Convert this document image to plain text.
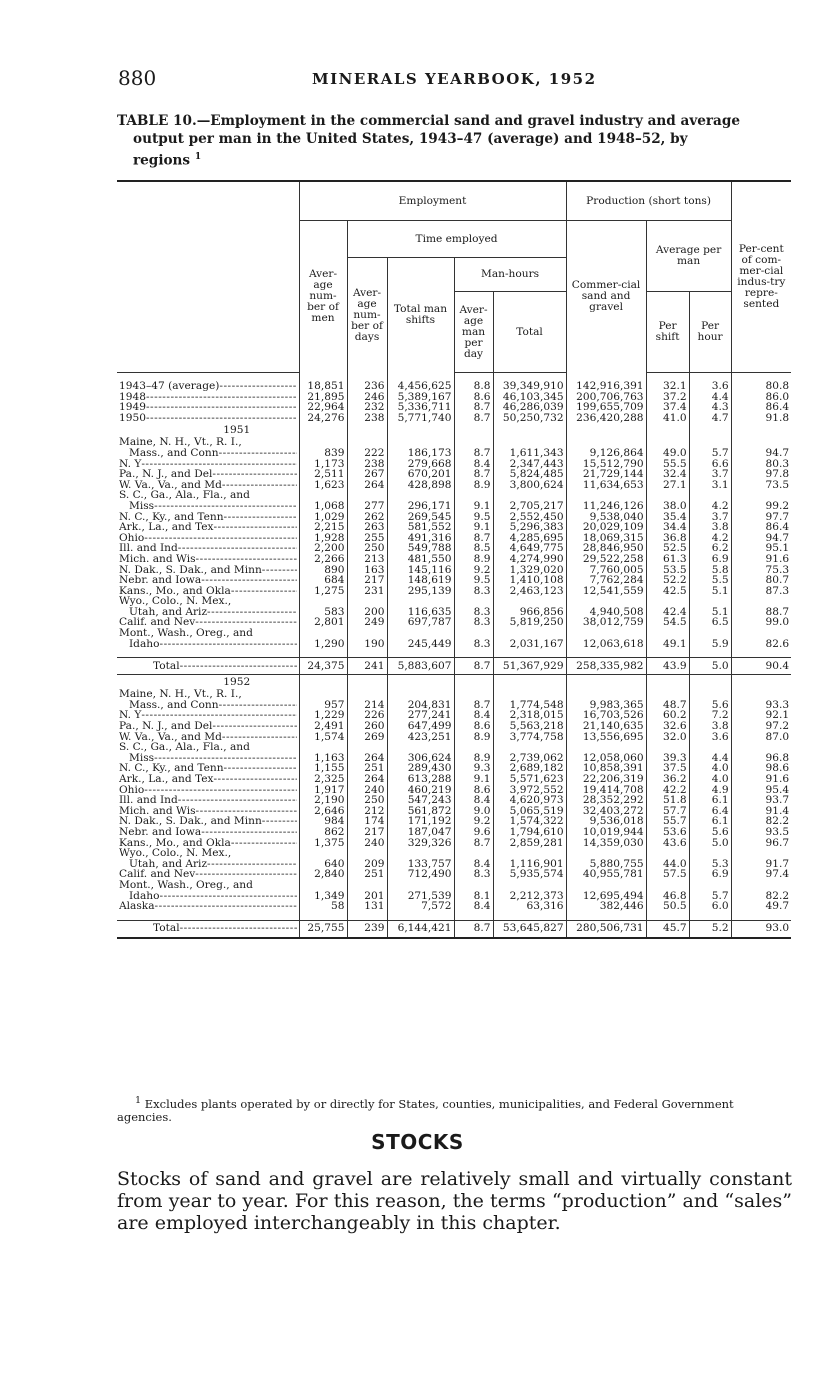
880	MINERALS YEARBOOK, 1952
TABLE 10.—Employment in the commercial sand and gravel industry and average
output per man in the United States, 1943–47 (average) and 1948–52, by
regions $^1$
	Employment					Production (short tons)			Per-cent of com-mer-cial indus-try repre-sented
	Aver-age num-ber of men	Time employed				Commer-cial sand and gravel	Average per man		
		Aver-age num-ber of days	Total man shifts	Man-hours					
				Aver-age man per day	Total		Per shift	Per hour	

1943–47 (average) -----	18,851	236	4,456,625	8.8	39,349,910	142,916,391	32.1	3.6	80.8

1948 -----	21,895	246	5,389,167	8.6	46,103,345	200,706,763	37.2	4.4	86.0

1949 -----	22,964	232	5,336,711	8.7	46,286,039	199,655,709	37.4	4.3	86.4

1950 -----	24,276	238	5,771,740	8.7	50,250,732	236,420,288	41.0	4.7	91.8
1951									

Maine, N. H., Vt., R. I.,									

Mass., and Conn -----	839	222	186,173	8.7	1,611,343	9,126,864	49.0	5.7	94.7

N. Y -----	1,173	238	279,668	8.4	2,347,443	15,512,790	55.5	6.6	80.3

Pa., N. J., and Del -----	2,511	267	670,201	8.7	5,824,485	21,729,144	32.4	3.7	97.8

W. Va., Va., and Md -----	1,623	264	428,898	8.9	3,800,624	11,634,653	27.1	3.1	73.5

S. C., Ga., Ala., Fla., and									

Miss -----	1,068	277	296,171	9.1	2,705,217	11,246,126	38.0	4.2	99.2

N. C., Ky., and Tenn -----	1,029	262	269,545	9.5	2,552,450	9,538,040	35.4	3.7	97.7

Ark., La., and Tex -----	2,215	263	581,552	9.1	5,296,383	20,029,109	34.4	3.8	86.4

Ohio -----	1,928	255	491,316	8.7	4,285,695	18,069,315	36.8	4.2	94.7

Ill. and Ind -----	2,200	250	549,788	8.5	4,649,775	28,846,950	52.5	6.2	95.1

Mich. and Wis -----	2,266	213	481,550	8.9	4,274,990	29,522,258	61.3	6.9	91.6

N. Dak., S. Dak., and Minn -----	890	163	145,116	9.2	1,329,020	7,760,005	53.5	5.8	75.3

Nebr. and Iowa -----	684	217	148,619	9.5	1,410,108	7,762,284	52.2	5.5	80.7

Kans., Mo., and Okla -----	1,275	231	295,139	8.3	2,463,123	12,541,559	42.5	5.1	87.3

Wyo., Colo., N. Mex.,									

Utah, and Ariz -----	583	200	116,635	8.3	966,856	4,940,508	42.4	5.1	88.7

Calif. and Nev -----	2,801	249	697,787	8.3	5,819,250	38,012,759	54.5	6.5	99.0

Mont., Wash., Oreg., and									

Idaho -----	1,290	190	245,449	8.3	2,031,167	12,063,618	49.1	5.9	82.6

Total -----	24,375	241	5,883,607	8.7	51,367,929	258,335,982	43.9	5.0	90.4
1952									

Maine, N. H., Vt., R. I.,									

Mass., and Conn -----	957	214	204,831	8.7	1,774,548	9,983,365	48.7	5.6	93.3

N. Y -----	1,229	226	277,241	8.4	2,318,015	16,703,526	60.2	7.2	92.1

Pa., N. J., and Del -----	2,491	260	647,499	8.6	5,563,218	21,140,635	32.6	3.8	97.2

W. Va., Va., and Md -----	1,574	269	423,251	8.9	3,774,758	13,556,695	32.0	3.6	87.0

S. C., Ga., Ala., Fla., and									

Miss -----	1,163	264	306,624	8.9	2,739,062	12,058,060	39.3	4.4	96.8

N. C., Ky., and Tenn -----	1,155	251	289,430	9.3	2,689,182	10,858,391	37.5	4.0	98.6

Ark., La., and Tex -----	2,325	264	613,288	9.1	5,571,623	22,206,319	36.2	4.0	91.6

Ohio -----	1,917	240	460,219	8.6	3,972,552	19,414,708	42.2	4.9	95.4

Ill. and Ind -----	2,190	250	547,243	8.4	4,620,973	28,352,292	51.8	6.1	93.7

Mich. and Wis -----	2,646	212	561,872	9.0	5,065,519	32,403,272	57.7	6.4	91.4

N. Dak., S. Dak., and Minn -----	984	174	171,192	9.2	1,574,322	9,536,018	55.7	6.1	82.2

Nebr. and Iowa -----	862	217	187,047	9.6	1,794,610	10,019,944	53.6	5.6	93.5

Kans., Mo., and Okla -----	1,375	240	329,326	8.7	2,859,281	14,359,030	43.6	5.0	96.7

Wyo., Colo., N. Mex.,									

Utah, and Ariz -----	640	209	133,757	8.4	1,116,901	5,880,755	44.0	5.3	91.7

Calif. and Nev -----	2,840	251	712,490	8.3	5,935,574	40,955,781	57.5	6.9	97.4

Mont., Wash., Oreg., and									

Idaho -----	1,349	201	271,539	8.1	2,212,373	12,695,494	46.8	5.7	82.2

Alaska -----	58	131	7,572	8.4	63,316	382,446	50.5	6.0	49.7

Total -----	25,755	239	6,144,421	8.7	53,645,827	280,506,731	45.7	5.2	93.0
$^1$ Excludes plants operated by or directly for States, counties, municipalities, and Federal Government
agencies.
STOCKS
Stocks of sand and gravel are relatively small and virtually constant from year to year. For this reason, the terms “production” and “sales” are employed interchangeably in this chapter.
